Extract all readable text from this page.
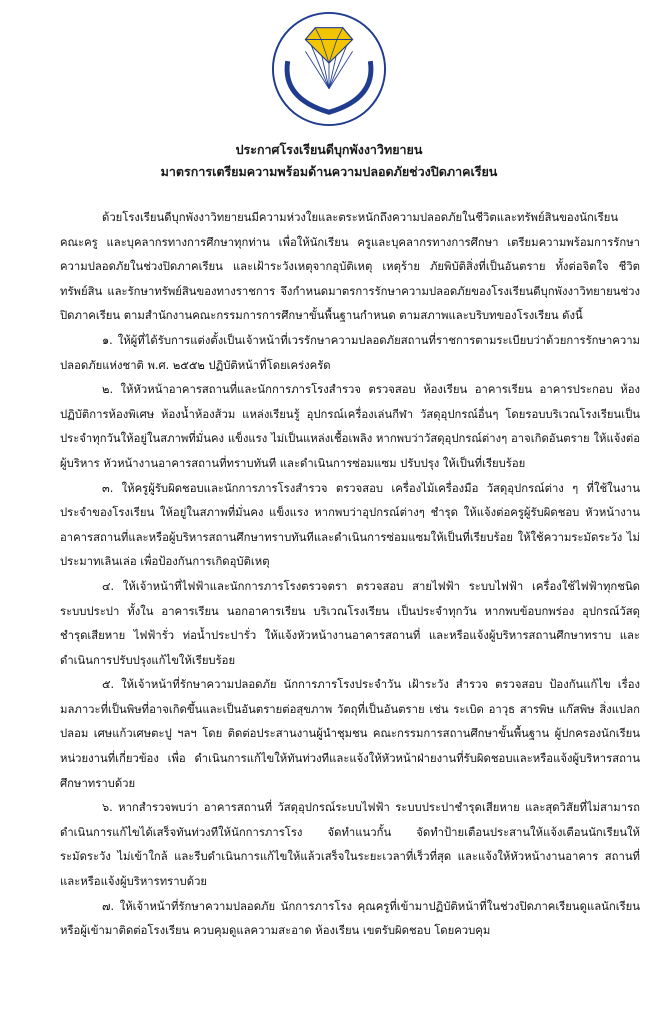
ประกาศโรงเรียนดีบุกพังงาวิทยายน
มาตรการเตรียมความพร้อมด้านความปลอดภัยช่วงปิดภาคเรียน

ด้วยโรงเรียนดีบุกพังงาวิทยายนมีความห่วงใยและตระหนักถึงความปลอดภัยในชีวิตและทรัพย์สินของนักเรียน คณะครู และบุคลากรทางการศึกษาทุกท่าน เพื่อให้นักเรียน ครูและบุคลากรทางการศึกษา เตรียมความพร้อมการรักษาความปลอดภัยในช่วงปิดภาคเรียน และเฝ้าระวังเหตุจากอุบัติเหตุ เหตุร้าย ภัยพิบัติสิ่งที่เป็นอันตราย ทั้งต่อจิตใจ ชีวิต ทรัพย์สิน และรักษาทรัพย์สินของทางราชการ จึงกำหนดมาตรการรักษาความปลอดภัยของโรงเรียนดีบุกพังงาวิทยายนช่วงปิดภาคเรียน ตามสำนักงานคณะกรรมการการศึกษาขั้นพื้นฐานกำหนด ตามสภาพและบริบทของโรงเรียน ดังนี้

๑. ให้ผู้ที่ได้รับการแต่งตั้งเป็นเจ้าหน้าที่เวรรักษาความปลอดภัยสถานที่ราชการตามระเบียบว่าด้วยการรักษาความปลอดภัยแห่งชาติ พ.ศ. ๒๕๕๒ ปฏิบัติหน้าที่โดยเคร่งครัด

๒. ให้หัวหน้าอาคารสถานที่และนักการภารโรงสำรวจ ตรวจสอบ ห้องเรียน อาคารเรียน อาคารประกอบ ห้องปฏิบัติการห้องพิเศษ ห้องน้ำห้องส้วม แหล่งเรียนรู้ อุปกรณ์เครื่องเล่นกีฬา วัสดุอุปกรณ์อื่นๆ โดยรอบบริเวณโรงเรียนเป็นประจำทุกวันให้อยู่ในสภาพที่มั่นคง แข็งแรง ไม่เป็นแหล่งเชื้อเพลิง หากพบว่าวัสดุอุปกรณ์ต่างๆ อาจเกิดอันตราย ให้แจ้งต่อผู้บริหาร หัวหน้างานอาคารสถานที่ทราบทันที และดำเนินการซ่อมแซม ปรับปรุง ให้เป็นที่เรียบร้อย

๓. ให้ครูผู้รับผิดชอบและนักการภารโรงสำรวจ ตรวจสอบ เครื่องไม้เครื่องมือ วัสดุอุปกรณ์ต่าง ๆ ที่ใช้ในงานประจำของโรงเรียน ให้อยู่ในสภาพที่มั่นคง แข็งแรง หากพบว่าอุปกรณ์ต่างๆ ชำรุด ให้แจ้งต่อครูผู้รับผิดชอบ หัวหน้างานอาคารสถานที่และหรือผู้บริหารสถานศึกษาทราบทันทีและดำเนินการซ่อมแซมให้เป็นที่เรียบร้อย ให้ใช้ความระมัดระวัง ไม่ประมาทเลินเล่อ เพื่อป้องกันการเกิดอุบัติเหตุ

๔. ให้เจ้าหน้าที่ไฟฟ้าและนักการภารโรงตรวจตรา ตรวจสอบ สายไฟฟ้า ระบบไฟฟ้า เครื่องใช้ไฟฟ้าทุกชนิด ระบบประปา ทั้งใน อาคารเรียน นอกอาคารเรียน บริเวณโรงเรียน เป็นประจำทุกวัน หากพบข้อบกพร่อง อุปกรณ์วัสดุ ชำรุดเสียหาย ไฟฟ้ารั่ว ท่อน้ำประปารั่ว ให้แจ้งหัวหน้างานอาคารสถานที่ และหรือแจ้งผู้บริหารสถานศึกษาทราบ และดำเนินการปรับปรุงแก้ไขให้เรียบร้อย

๕. ให้เจ้าหน้าที่รักษาความปลอดภัย นักการภารโรงประจำวัน เฝ้าระวัง สำรวจ ตรวจสอบ ป้องกันแก้ไข เรื่องมลภาวะที่เป็นพิษที่อาจเกิดขึ้นและเป็นอันตรายต่อสุขภาพ วัตถุที่เป็นอันตราย เช่น ระเบิด อาวุธ สารพิษ แก๊สพิษ สิ่งแปลกปลอม เศษแก้วเศษตะปู ฯลฯ โดย ติดต่อประสานงานผู้นำชุมชน คณะกรรมการสถานศึกษาขั้นพื้นฐาน ผู้ปกครองนักเรียนหน่วยงานที่เกี่ยวข้อง เพื่อ ดำเนินการแก้ไขให้ทันท่วงทีและแจ้งให้หัวหน้าฝ่ายงานที่รับผิดชอบและหรือแจ้งผู้บริหารสถานศึกษาทราบด้วย

๖. หากสำรวจพบว่า อาคารสถานที่ วัสดุอุปกรณ์ระบบไฟฟ้า ระบบประปาชำรุดเสียหาย และสุดวิสัยที่ไม่สามารถดำเนินการแก้ไขได้เสร็จทันท่วงทีให้นักการภารโรง จัดทำแนวกั้น จัดทำป้ายเตือนประสานให้แจ้งเตือนนักเรียนให้ระมัดระวัง ไม่เข้าใกล้ และรีบดำเนินการแก้ไขให้แล้วเสร็จในระยะเวลาที่เร็วที่สุด และแจ้งให้หัวหน้างานอาคาร สถานที่ และหรือแจ้งผู้บริหารทราบด้วย

๗. ให้เจ้าหน้าที่รักษาความปลอดภัย นักการภารโรง คุณครูที่เข้ามาปฏิบัติหน้าที่ในช่วงปิดภาคเรียนดูแลนักเรียนหรือผู้เข้ามาติดต่อโรงเรียน ควบคุมดูแลความสะอาด ห้องเรียน เขตรับผิดชอบ โดยควบคุม
